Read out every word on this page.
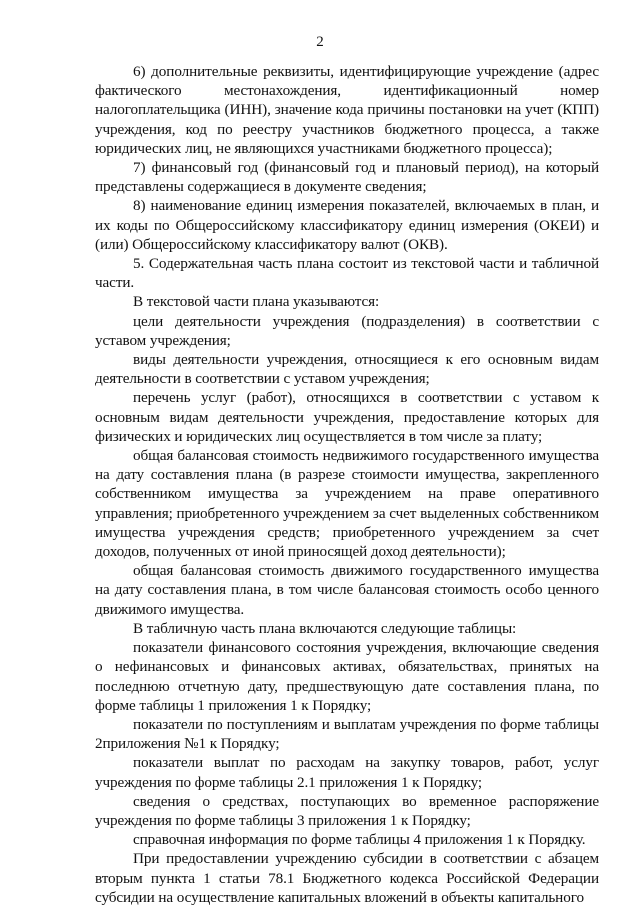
2

6) дополнительные реквизиты, идентифицирующие учреждение (адрес фактического местонахождения, идентификационный номер налогоплательщика (ИНН), значение кода причины постановки на учет (КПП) учреждения, код по реестру участников бюджетного процесса, а также юридических лиц, не являющихся участниками бюджетного процесса);

7) финансовый год (финансовый год и плановый период), на который представлены содержащиеся в документе сведения;

8) наименование единиц измерения показателей, включаемых в план, и их коды по Общероссийскому классификатору единиц измерения (ОКЕИ) и (или) Общероссийскому классификатору валют (ОКВ).

5. Содержательная часть плана состоит из текстовой части и табличной части.

В текстовой части плана указываются:

цели деятельности учреждения (подразделения) в соответствии с уставом учреждения;

виды деятельности учреждения, относящиеся к его основным видам деятельности в соответствии с уставом учреждения;

перечень услуг (работ), относящихся в соответствии с уставом к основным видам деятельности учреждения, предоставление которых для физических и юридических лиц осуществляется в том числе за плату;

общая балансовая стоимость недвижимого государственного имущества на дату составления плана (в разрезе стоимости имущества, закрепленного собственником имущества за учреждением на праве оперативного управления; приобретенного учреждением за счет выделенных собственником имущества учреждения средств; приобретенного учреждением за счет доходов, полученных от иной приносящей доход деятельности);

общая балансовая стоимость движимого государственного имущества на дату составления плана, в том числе балансовая стоимость особо ценного движимого имущества.

В табличную часть плана включаются следующие таблицы:

показатели финансового состояния учреждения, включающие сведения о нефинансовых и финансовых активах, обязательствах, принятых на последнюю отчетную дату, предшествующую дате составления плана, по форме таблицы 1 приложения 1 к Порядку;

показатели по поступлениям и выплатам учреждения по форме таблицы 2приложения №1 к Порядку;

показатели выплат по расходам на закупку товаров, работ, услуг учреждения по форме таблицы 2.1 приложения 1 к Порядку;

сведения о средствах, поступающих во временное распоряжение учреждения по форме таблицы 3 приложения 1 к Порядку;

справочная информация по форме таблицы 4 приложения 1 к Порядку.

При предоставлении учреждению субсидии в соответствии с абзацем вторым пункта 1 статьи 78.1 Бюджетного кодекса Российской Федерации субсидии на осуществление капитальных вложений в объекты капитального
